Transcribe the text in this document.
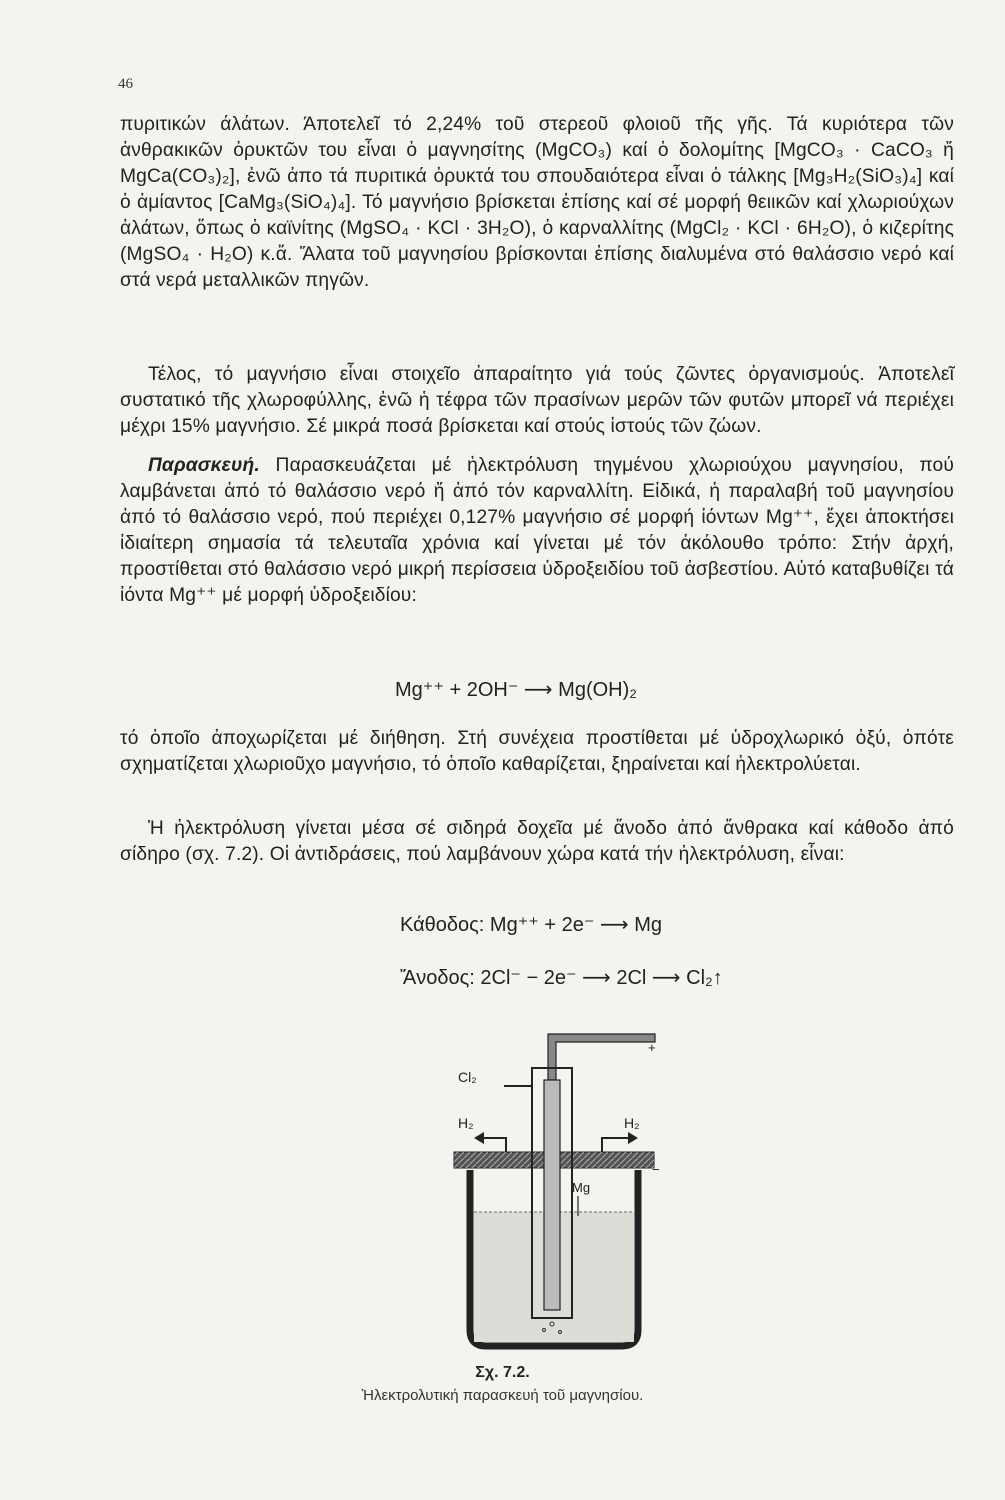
46

πυριτικών άλάτων. Άποτελεῖ τό 2,24% τοῦ στερεοῦ φλοιοῦ τῆς γῆς. Τά κυριότερα τῶν ἀνθρακικῶν ὀρυκτῶν του εἶναι ὁ μαγνησίτης (MgCO₃) καί ὁ δολομίτης [MgCO₃ · CaCO₃ ἤ MgCa(CO₃)₂], ἐνῶ ἀπο τά πυριτικά ὀρυκτά του σπουδαιότερα εἶναι ὁ τάλκης [Mg₃H₂(SiO₃)₄] καί ὁ ἀμίαντος [CaMg₃(SiO₄)₄]. Τό μαγνήσιο βρίσκεται ἐπίσης καί σέ μορφή θειικῶν καί χλωριούχων ἀλάτων, ὅπως ὁ καϊνίτης (MgSO₄ · KCl · 3H₂O), ὁ καρναλλίτης (MgCl₂ · KCl · 6H₂O), ὁ κιζερίτης (MgSO₄ · H₂O) κ.ἄ. Ἄλατα τοῦ μαγνησίου βρίσκονται ἐπίσης διαλυμένα στό θαλάσσιο νερό καί στά νερά μεταλλικῶν πηγῶν.

Τέλος, τό μαγνήσιο εἶναι στοιχεῖο ἀπαραίτητο γιά τούς ζῶντες ὀργανισμούς. Ἀποτελεῖ συστατικό τῆς χλωροφύλλης, ἐνῶ ἡ τέφρα τῶν πρασίνων μερῶν τῶν φυτῶν μπορεῖ νά περιέχει μέχρι 15% μαγνήσιο. Σέ μικρά ποσά βρίσκεται καί στούς ἱστούς τῶν ζώων.

Παρασκευή. Παρασκευάζεται μέ ἠλεκτρόλυση τηγμένου χλωριούχου μαγνησίου, πού λαμβάνεται ἀπό τό θαλάσσιο νερό ἤ ἀπό τόν καρναλλίτη. Εἰδικά, ἡ παραλαβή τοῦ μαγνησίου ἀπό τό θαλάσσιο νερό, πού περιέχει 0,127% μαγνήσιο σέ μορφή ἰόντων Mg⁺⁺, ἔχει ἀποκτήσει ἰδιαίτερη σημασία τά τελευταῖα χρόνια καί γίνεται μέ τόν ἀκόλουθο τρόπο: Στήν ἀρχή, προστίθεται στό θαλάσσιο νερό μικρή περίσσεια ὑδροξειδίου τοῦ ἀσβεστίου. Αὐτό καταβυθίζει τά ἰόντα Mg⁺⁺ μέ μορφή ὑδροξειδίου:

Mg⁺⁺ + 2OH⁻ ⟶ Mg(OH)₂

τό ὁποῖο ἀποχωρίζεται μέ διήθηση. Στή συνέχεια προστίθεται μέ ὑδροχλωρικό ὀξύ, ὁπότε σχηματίζεται χλωριοῦχο μαγνήσιο, τό ὁποῖο καθαρίζεται, ξηραίνεται καί ἠλεκτρολύεται.

Ἡ ἠλεκτρόλυση γίνεται μέσα σέ σιδηρά δοχεῖα μέ ἄνοδο ἀπό ἄνθρακα καί κάθοδο ἀπό σίδηρο (σχ. 7.2). Οἱ ἀντιδράσεις, πού λαμβάνουν χώρα κατά τήν ἠλεκτρόλυση, εἶναι:

Κάθοδος: Mg⁺⁺ + 2e⁻ ⟶ Mg
Ἄνοδος: 2Cl⁻ − 2e⁻ ⟶ 2Cl ⟶ Cl₂↑
+
−
Cl₂
H₂	H₂
Mg
Σχ. 7.2.
Ἠλεκτρολυτική παρασκευή τοῦ μαγνησίου.
